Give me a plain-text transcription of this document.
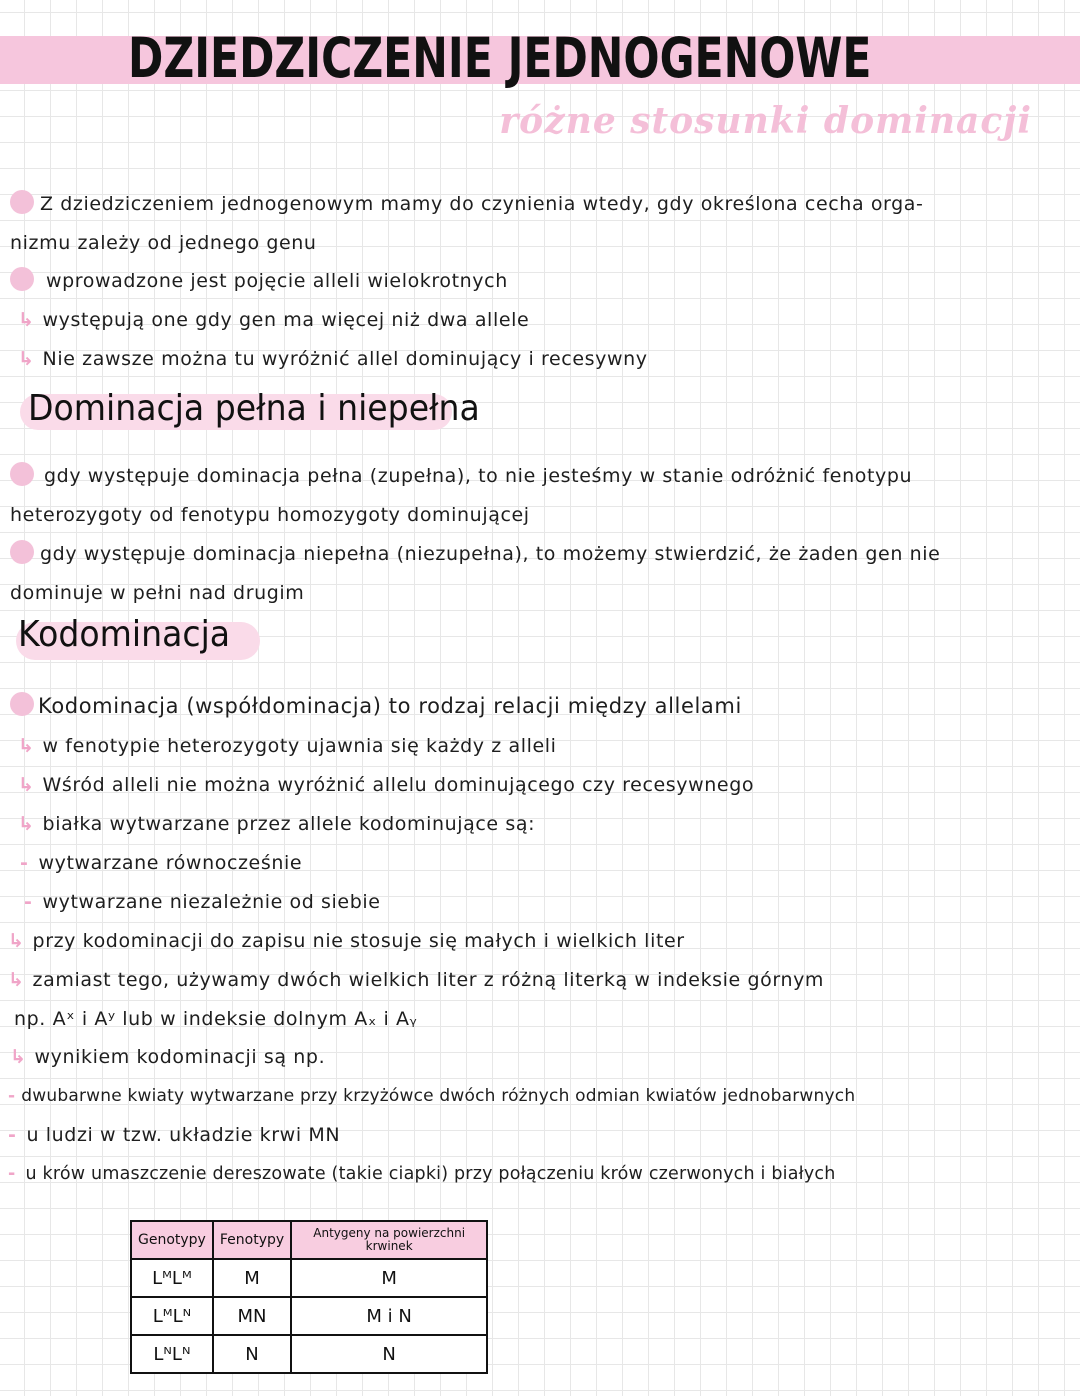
DZIEDZICZENIE JEDNOGENOWE
różne stosunki dominacji

Z dziedziczeniem jednogenowym mamy do czynienia wtedy, gdy określona cecha orga-

nizmu zależy od jednego genu

wprowadzone jest pojęcie alleli wielokrotnych

↳ występują one gdy gen ma więcej niż dwa allele

↳ Nie zawsze można tu wyróżnić allel dominujący i recesywny

Dominacja pełna i niepełna

gdy występuje dominacja pełna (zupełna), to nie jesteśmy w stanie odróżnić fenotypu

heterozygoty od fenotypu homozygoty dominującej

gdy występuje dominacja niepełna (niezupełna), to możemy stwierdzić, że żaden gen nie

dominuje w pełni nad drugim

Kodominacja

Kodominacja (współdominacja) to rodzaj relacji między allelami

↳ w fenotypie heterozygoty ujawnia się każdy z alleli

↳ Wśród alleli nie można wyróżnić allelu dominującego czy recesywnego

↳ białka wytwarzane przez allele kodominujące są:

- wytwarzane równocześnie

- wytwarzane niezależnie od siebie

↳ przy kodominacji do zapisu nie stosuje się małych i wielkich liter

↳ zamiast tego, używamy dwóch wielkich liter z różną literką w indeksie górnym

np. Aˣ i Aʸ lub w indeksie dolnym Aₓ i Aᵧ

↳ wynikiem kodominacji są np.

- dwubarwne kwiaty wytwarzane przy krzyżówce dwóch różnych odmian kwiatów jednobarwnych

- u ludzi w tzw. układzie krwi MN

- u krów umaszczenie dereszowate (takie ciapki) przy połączeniu krów czerwonych i białych

Genotypy	Fenotypy	Antygeny na powierzchni krwinek
LᴹLᴹ	M	M
LᴹLᴺ	MN	M i N
LᴺLᴺ	N	N
